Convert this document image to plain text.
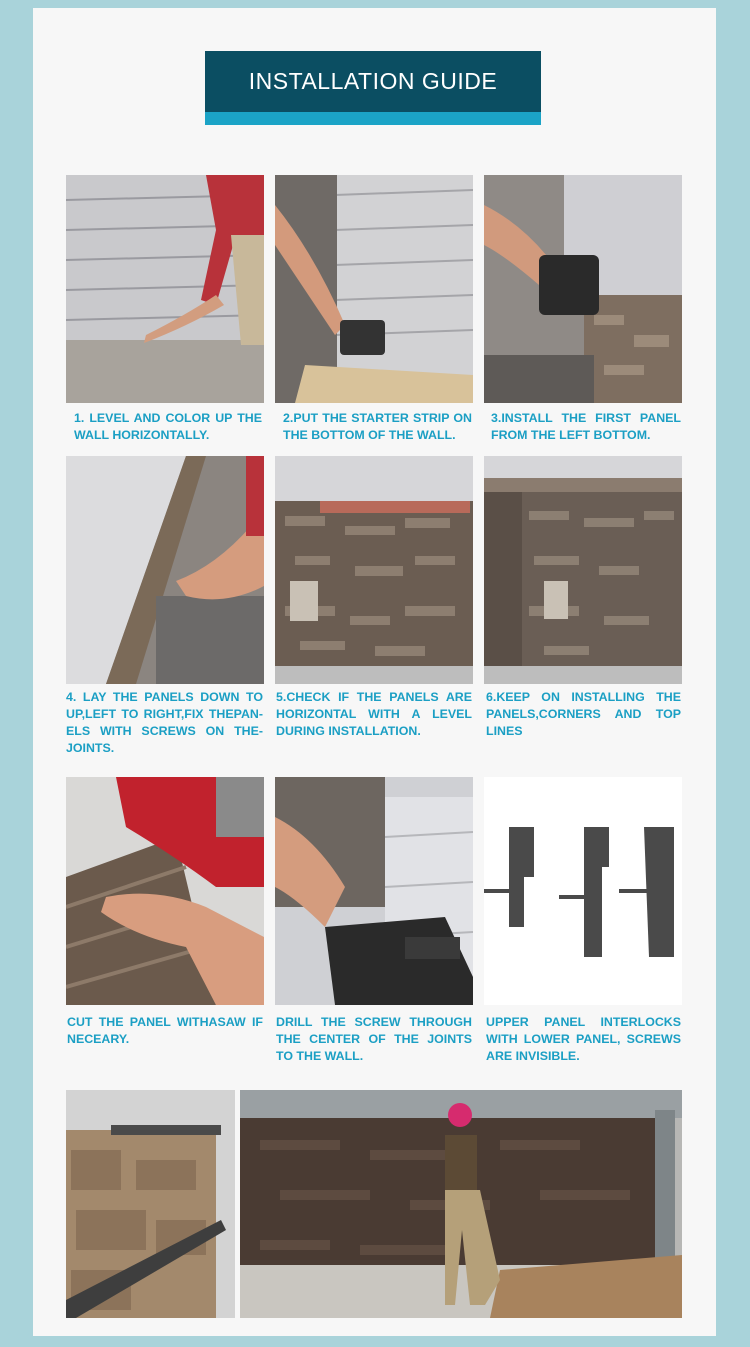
INSTALLATION GUIDE
1. LEVEL AND COLOR UP THE WALL HORIZONTALLY.
2.PUT THE STARTER STRIP ON THE BOTTOM OF THE WALL.
3.INSTALL THE FIRST PANEL FROM THE LEFT BOTTOM.
4. LAY THE PANELS DOWN TO UP,LEFT TO RIGHT,FIX THEPAN-ELS WITH SCREWS ON THE-JOINTS.
5.CHECK IF THE PANELS ARE HORIZONTAL WITH A LEVEL DURING INSTALLATION.
6.KEEP ON INSTALLING THE PANELS,CORNERS AND TOP LINES
CUT THE PANEL WITHASAW IF NECEARY.
DRILL THE SCREW THROUGH THE CENTER OF THE JOINTS TO THE WALL.
UPPER PANEL INTERLOCKS WITH LOWER PANEL, SCREWS ARE INVISIBLE.
